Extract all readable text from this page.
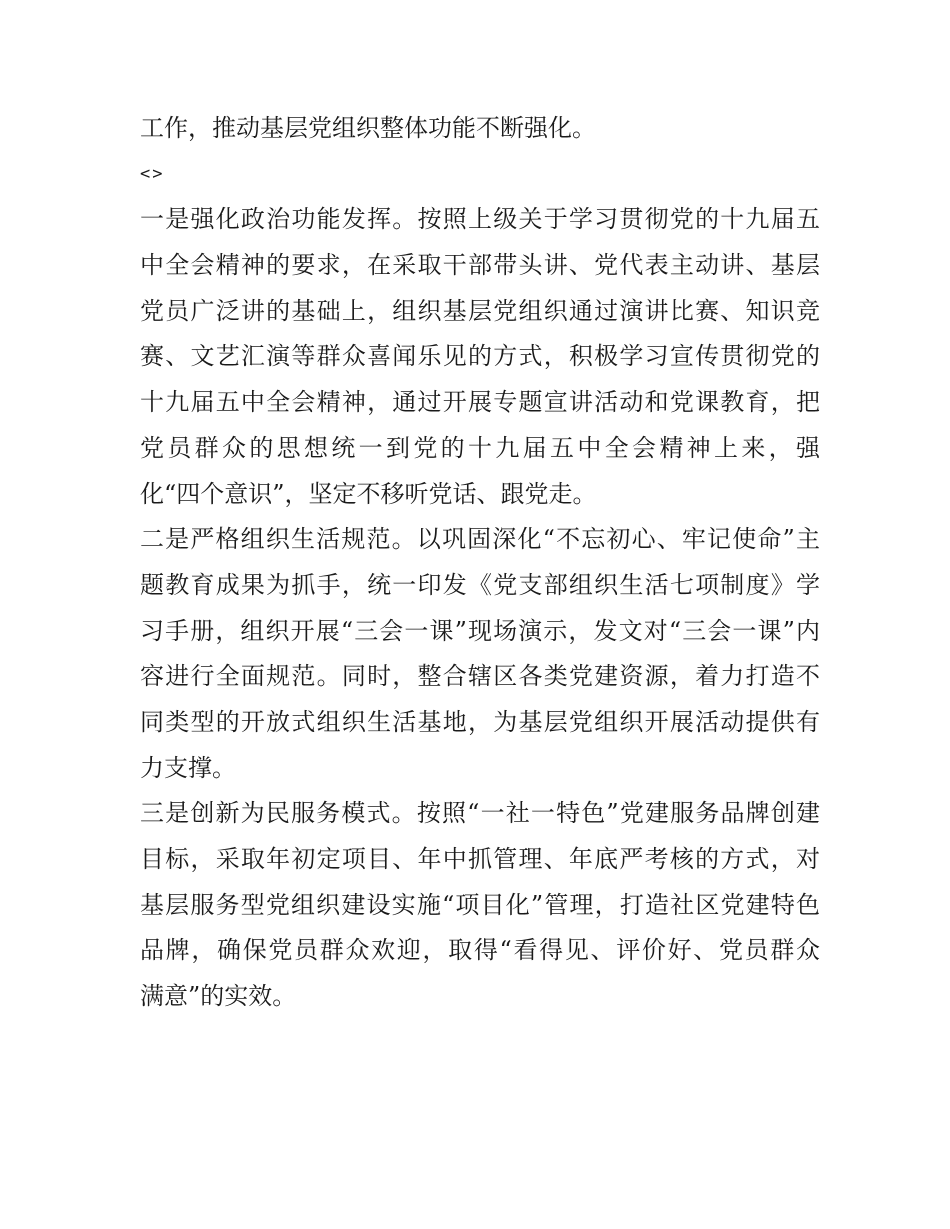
工作，推动基层党组织整体功能不断强化。
<>
一是强化政治功能发挥。按照上级关于学习贯彻党的十九届五
中全会精神的要求，在采取干部带头讲、党代表主动讲、基层
党员广泛讲的基础上，组织基层党组织通过演讲比赛、知识竞
赛、文艺汇演等群众喜闻乐见的方式，积极学习宣传贯彻党的
十九届五中全会精神，通过开展专题宣讲活动和党课教育，把
党员群众的思想统一到党的十九届五中全会精神上来，强
化“四个意识”，坚定不移听党话、跟党走。
二是严格组织生活规范。以巩固深化“不忘初心、牢记使命”主
题教育成果为抓手，统一印发《党支部组织生活七项制度》学
习手册，组织开展“三会一课”现场演示，发文对“三会一课”内
容进行全面规范。同时，整合辖区各类党建资源，着力打造不
同类型的开放式组织生活基地，为基层党组织开展活动提供有
力支撑。
三是创新为民服务模式。按照“一社一特色”党建服务品牌创建
目标，采取年初定项目、年中抓管理、年底严考核的方式，对
基层服务型党组织建设实施“项目化”管理，打造社区党建特色
品牌，确保党员群众欢迎，取得“看得见、评价好、党员群众
满意”的实效。
